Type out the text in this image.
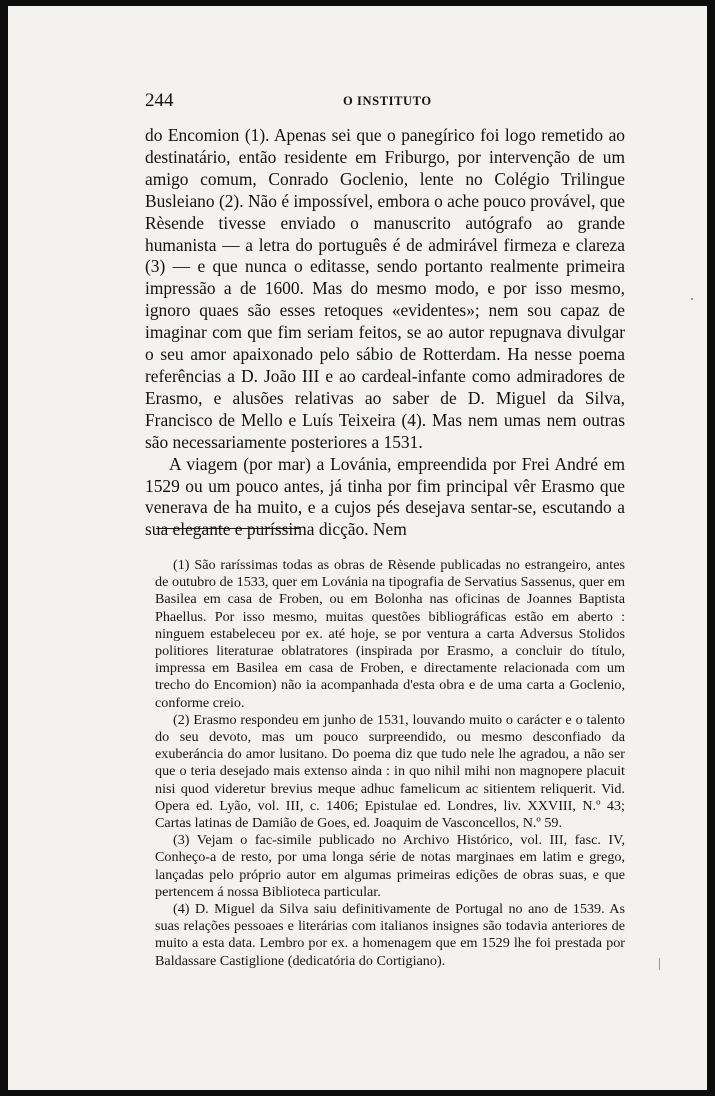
244	O INSTITUTO

do Encomion (1). Apenas sei que o panegírico foi logo remetido ao destinatário, então residente em Friburgo, por intervenção de um amigo comum, Conrado Goclenio, lente no Colégio Trilingue Busleiano (2). Não é impossível, embora o ache pouco provável, que Rèsende tivesse enviado o manuscrito autógrafo ao grande humanista — a letra do português é de admirável firmeza e clareza (3) — e que nunca o editasse, sendo portanto realmente primeira impressão a de 1600. Mas do mesmo modo, e por isso mesmo, ignoro quaes são esses retoques «evidentes»; nem sou capaz de imaginar com que fim seriam feitos, se ao autor repugnava divulgar o seu amor apaixonado pelo sábio de Rotterdam. Ha nesse poema referências a D. João III e ao cardeal-infante como admiradores de Erasmo, e alusões relativas ao saber de D. Miguel da Silva, Francisco de Mello e Luís Teixeira (4). Mas nem umas nem outras são necessariamente posteriores a 1531.

A viagem (por mar) a Lovánia, empreendida por Frei André em 1529 ou um pouco antes, já tinha por fim principal vêr Erasmo que venerava de ha muito, e a cujos pés desejava sentar-se, escutando a sua elegante e puríssima dicção. Nem

(1) São raríssimas todas as obras de Rèsende publicadas no estrangeiro, antes de outubro de 1533, quer em Lovánia na tipografia de Servatius Sassenus, quer em Basilea em casa de Froben, ou em Bolonha nas oficinas de Joannes Baptista Phaellus. Por isso mesmo, muitas questões bibliográficas estão em aberto : ninguem estabeleceu por ex. até hoje, se por ventura a carta Adversus Stolidos politiores literaturae oblatratores (inspirada por Erasmo, a concluir do título, impressa em Basilea em casa de Froben, e directamente relacionada com um trecho do Encomion) não ia acompanhada d'esta obra e de uma carta a Goclenio, conforme creio.

(2) Erasmo respondeu em junho de 1531, louvando muito o carácter e o talento do seu devoto, mas um pouco surpreendido, ou mesmo desconfiado da exuberáncia do amor lusitano. Do poema diz que tudo nele lhe agradou, a não ser que o teria desejado mais extenso ainda : in quo nihil mihi non magnopere placuit nisi quod videretur brevius meque adhuc famelicum ac sitientem reliquerit. Vid. Opera ed. Lyão, vol. III, c. 1406; Epistulae ed. Londres, liv. XXVIII, N.º 43; Cartas latinas de Damião de Goes, ed. Joaquim de Vasconcellos, N.º 59.

(3) Vejam o fac-simile publicado no Archivo Histórico, vol. III, fasc. IV, Conheço-a de resto, por uma longa série de notas marginaes em latim e grego, lançadas pelo próprio autor em algumas primeiras edições de obras suas, e que pertencem á nossa Biblioteca particular.

(4) D. Miguel da Silva saiu definitivamente de Portugal no ano de 1539. As suas relações pessoaes e literárias com italianos insignes são todavia anteriores de muito a esta data. Lembro por ex. a homenagem que em 1529 lhe foi prestada por Baldassare Castiglione (dedicatória do Cortigiano).
